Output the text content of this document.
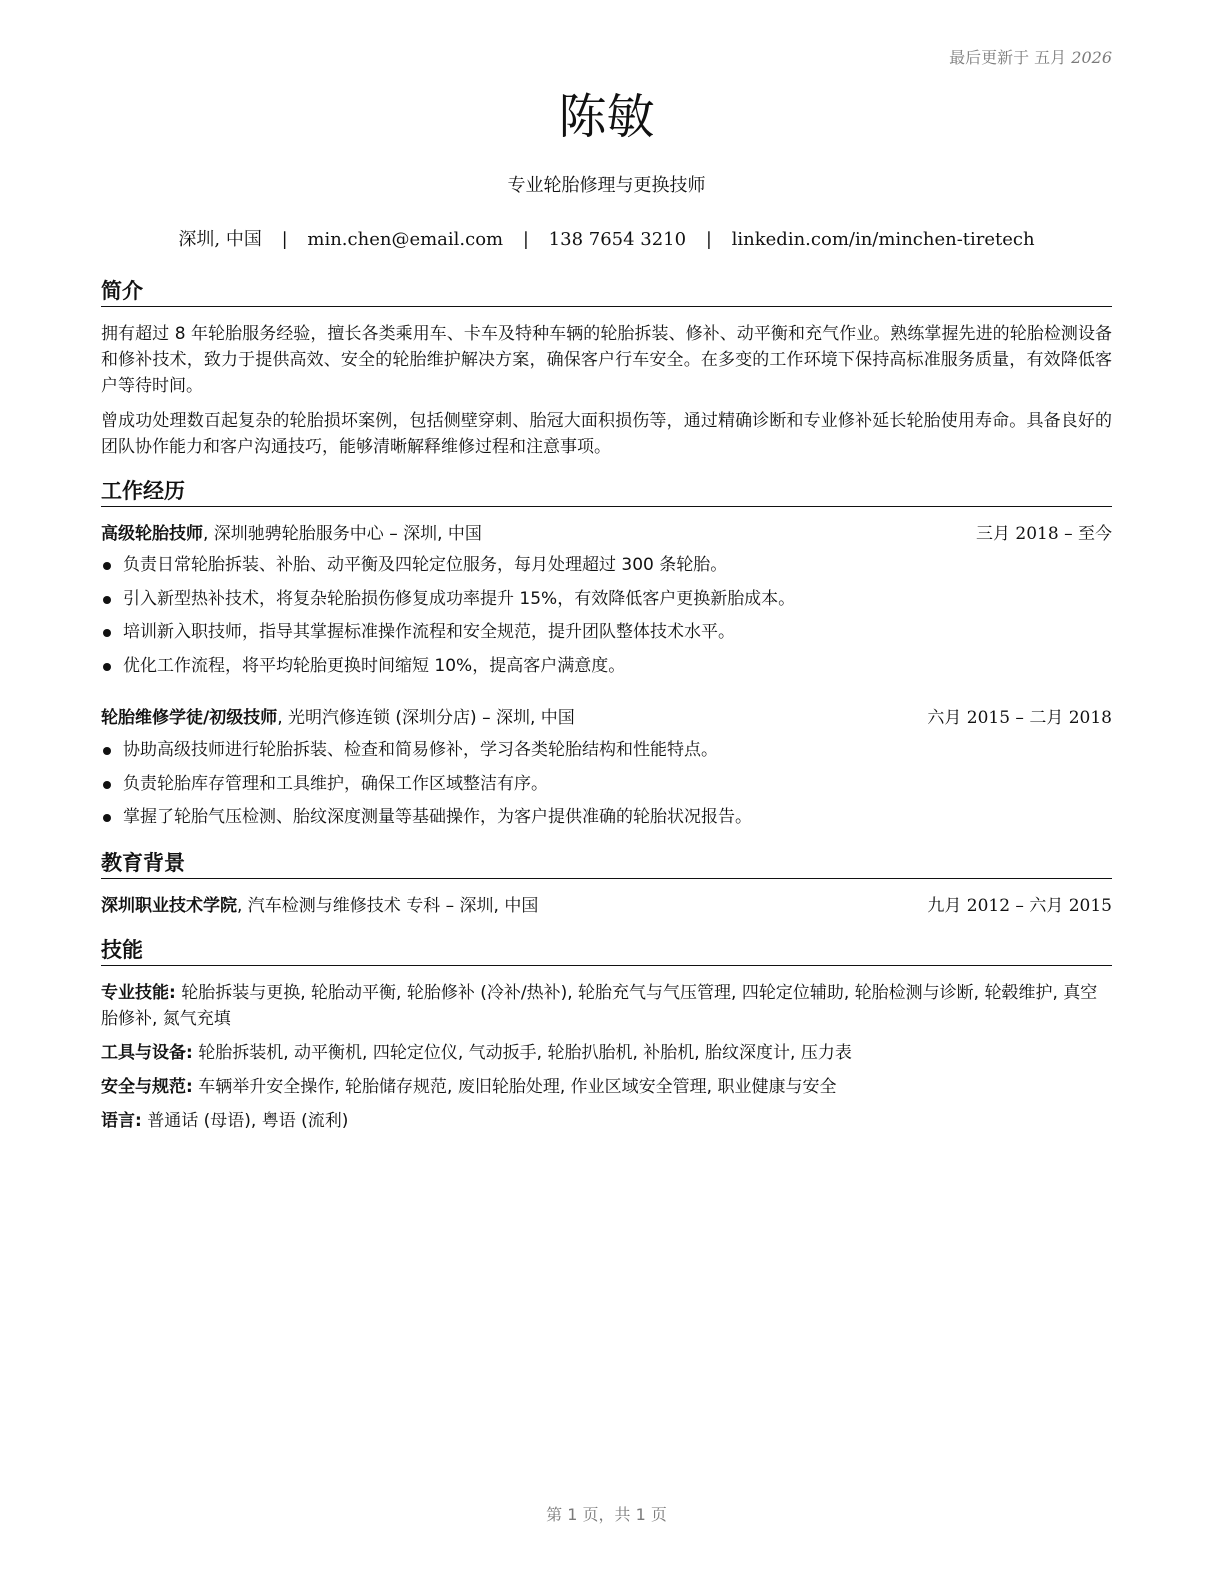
最后更新于 五月 2026
陈敏
专业轮胎修理与更换技师
深圳, 中国 | min.chen@email.com | 138 7654 3210 | linkedin.com/in/minchen-tiretech
简介
拥有超过 8 年轮胎服务经验，擅长各类乘用车、卡车及特种车辆的轮胎拆装、修补、动平衡和充气作业。熟练掌握先进的轮胎检测设备和修补技术，致力于提供高效、安全的轮胎维护解决方案，确保客户行车安全。在多变的工作环境下保持高标准服务质量，有效降低客户等待时间。
曾成功处理数百起复杂的轮胎损坏案例，包括侧壁穿刺、胎冠大面积损伤等，通过精确诊断和专业修补延长轮胎使用寿命。具备良好的团队协作能力和客户沟通技巧，能够清晰解释维修过程和注意事项。
工作经历
高级轮胎技师, 深圳驰骋轮胎服务中心 – 深圳, 中国	三月 2018 – 至今
负责日常轮胎拆装、补胎、动平衡及四轮定位服务，每月处理超过 300 条轮胎。
引入新型热补技术，将复杂轮胎损伤修复成功率提升 15%，有效降低客户更换新胎成本。
培训新入职技师，指导其掌握标准操作流程和安全规范，提升团队整体技术水平。
优化工作流程，将平均轮胎更换时间缩短 10%，提高客户满意度。
轮胎维修学徒/初级技师, 光明汽修连锁 (深圳分店) – 深圳, 中国	六月 2015 – 二月 2018
协助高级技师进行轮胎拆装、检查和简易修补，学习各类轮胎结构和性能特点。
负责轮胎库存管理和工具维护，确保工作区域整洁有序。
掌握了轮胎气压检测、胎纹深度测量等基础操作，为客户提供准确的轮胎状况报告。
教育背景
深圳职业技术学院, 汽车检测与维修技术 专科 – 深圳, 中国	九月 2012 – 六月 2015
技能
专业技能: 轮胎拆装与更换, 轮胎动平衡, 轮胎修补 (冷补/热补), 轮胎充气与气压管理, 四轮定位辅助, 轮胎检测与诊断, 轮毂维护, 真空胎修补, 氮气充填
工具与设备: 轮胎拆装机, 动平衡机, 四轮定位仪, 气动扳手, 轮胎扒胎机, 补胎机, 胎纹深度计, 压力表
安全与规范: 车辆举升安全操作, 轮胎储存规范, 废旧轮胎处理, 作业区域安全管理, 职业健康与安全
语言: 普通话 (母语), 粤语 (流利)
第 1 页，共 1 页
